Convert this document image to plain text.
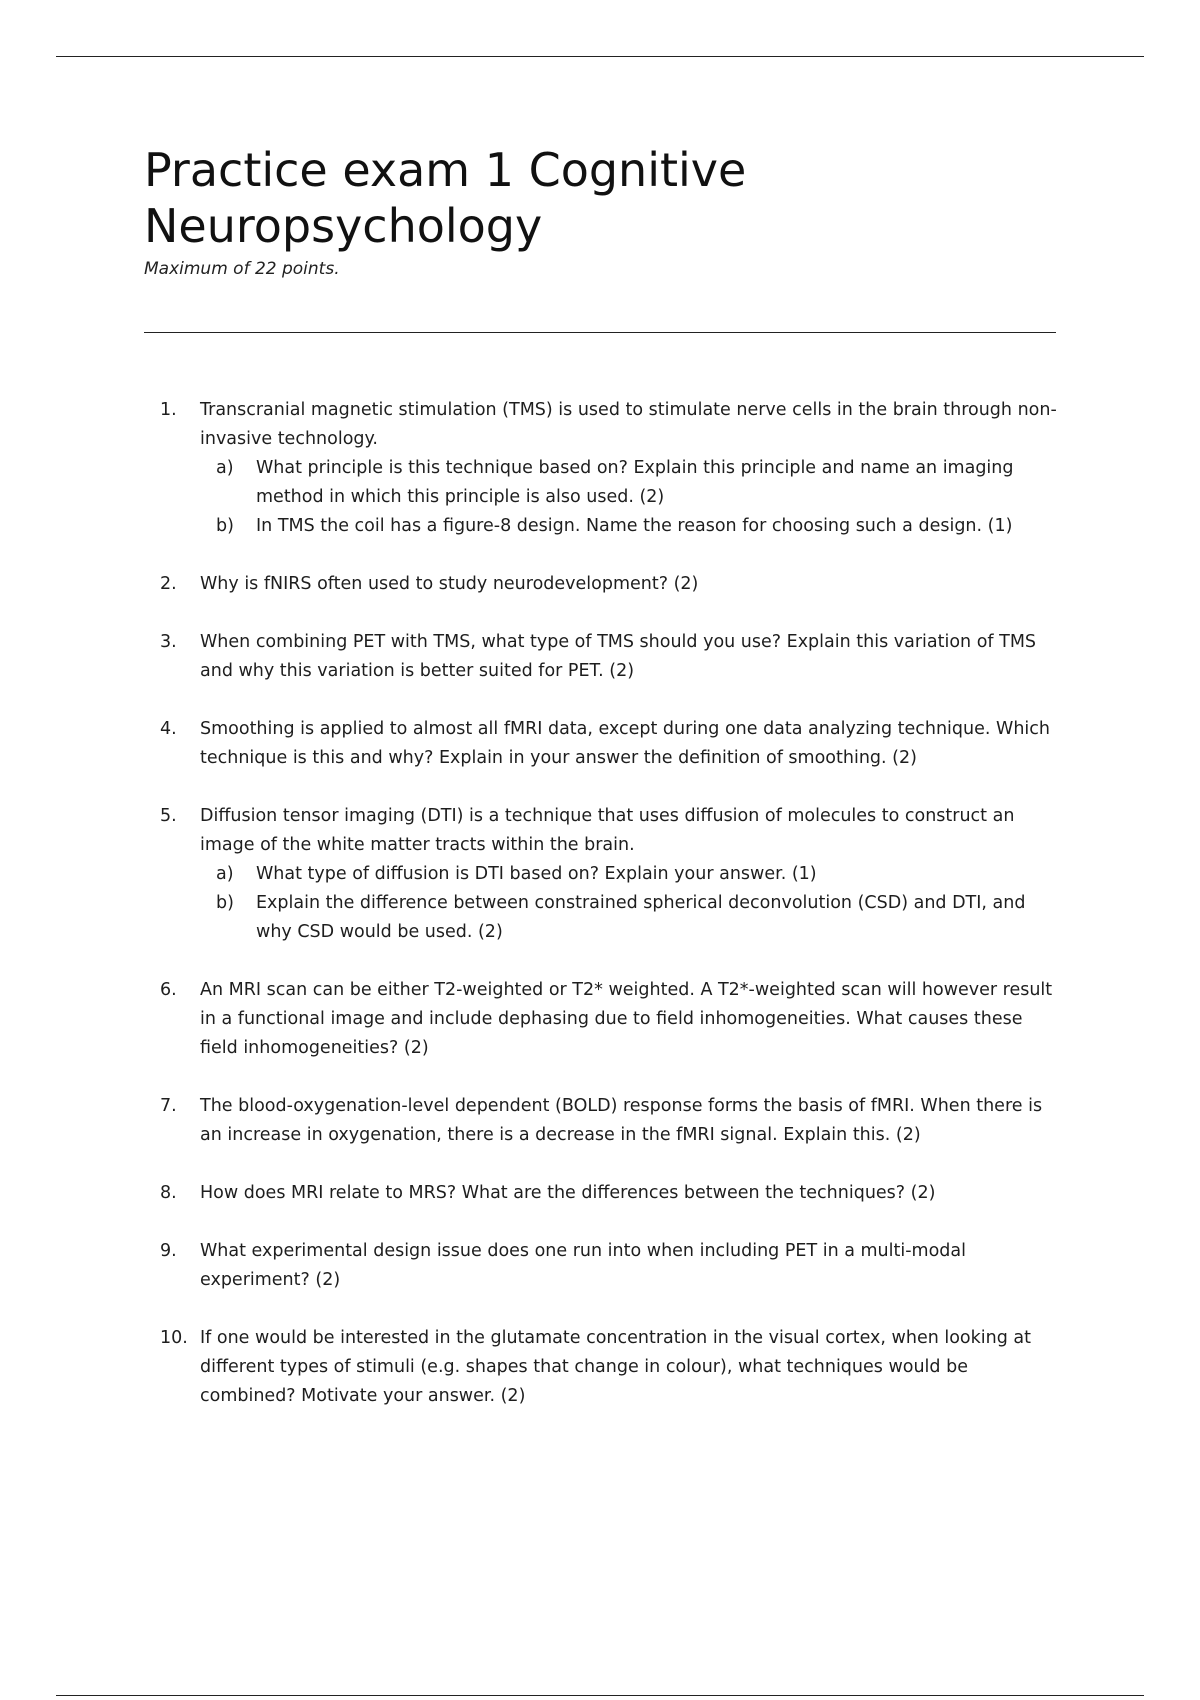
Practice exam 1 Cognitive Neuropsychology
Maximum of 22 points.
1.	Transcranial magnetic stimulation (TMS) is used to stimulate nerve cells in the brain through non-invasive technology.
a)	What principle is this technique based on? Explain this principle and name an imaging method in which this principle is also used. (2)
b)	In TMS the coil has a figure-8 design. Name the reason for choosing such a design. (1)
2.	Why is fNIRS often used to study neurodevelopment? (2)
3.	When combining PET with TMS, what type of TMS should you use? Explain this variation of TMS and why this variation is better suited for PET. (2)
4.	Smoothing is applied to almost all fMRI data, except during one data analyzing technique. Which technique is this and why? Explain in your answer the definition of smoothing. (2)
5.	Diffusion tensor imaging (DTI) is a technique that uses diffusion of molecules to construct an image of the white matter tracts within the brain.
a)	What type of diffusion is DTI based on? Explain your answer. (1)
b)	Explain the difference between constrained spherical deconvolution (CSD) and DTI, and why CSD would be used. (2)
6.	An MRI scan can be either T2-weighted or T2* weighted. A T2*-weighted scan will however result in a functional image and include dephasing due to field inhomogeneities. What causes these field inhomogeneities? (2)
7.	The blood-oxygenation-level dependent (BOLD) response forms the basis of fMRI. When there is an increase in oxygenation, there is a decrease in the fMRI signal. Explain this. (2)
8.	How does MRI relate to MRS? What are the differences between the techniques? (2)
9.	What experimental design issue does one run into when including PET in a multi-modal experiment? (2)
10. If one would be interested in the glutamate concentration in the visual cortex, when looking at different types of stimuli (e.g. shapes that change in colour), what techniques would be combined? Motivate your answer. (2)
